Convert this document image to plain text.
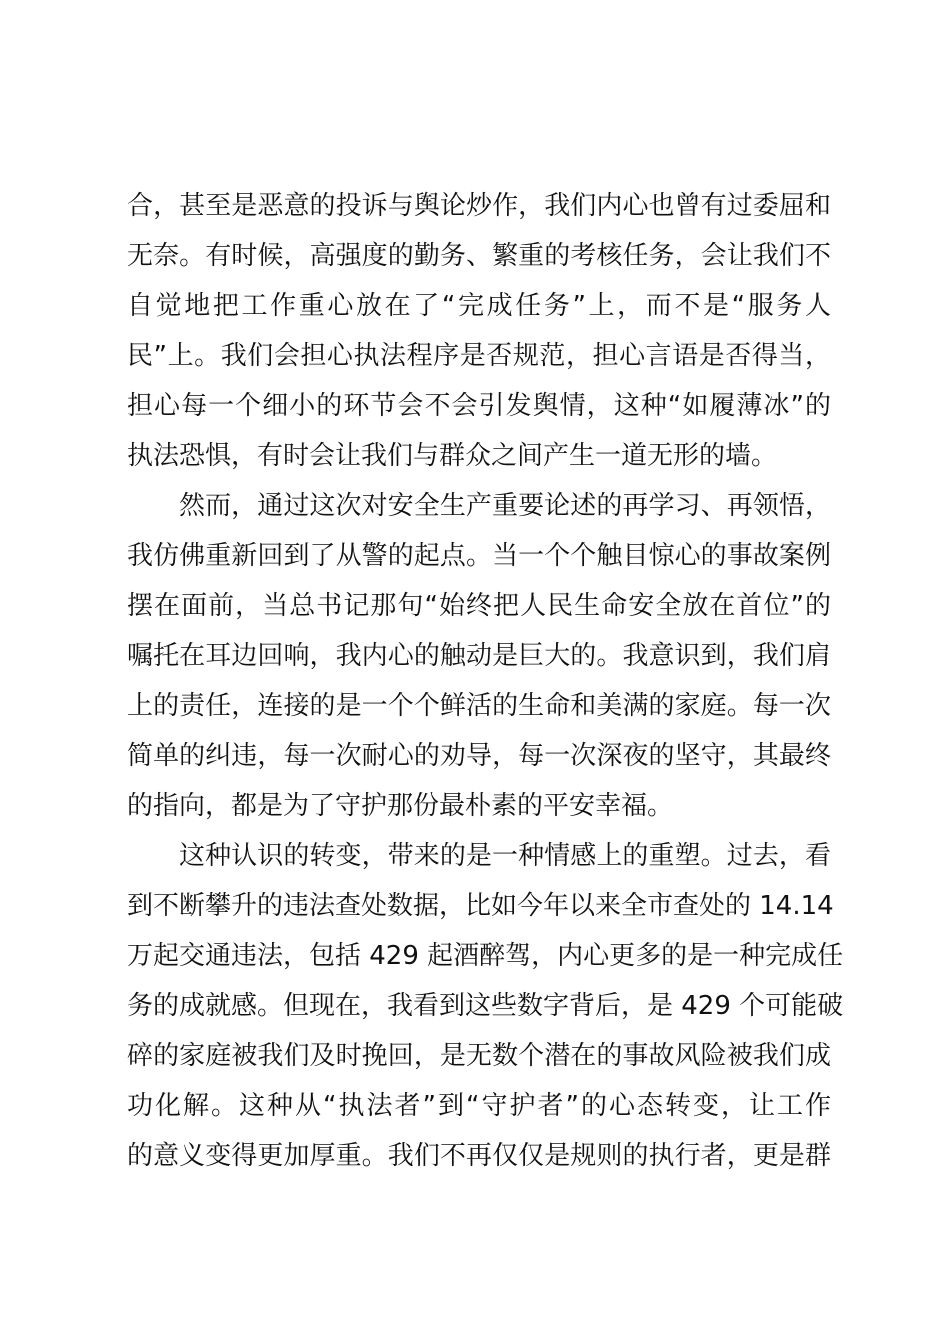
合，甚至是恶意的投诉与舆论炒作，我们内心也曾有过委屈和
无奈。有时候，高强度的勤务、繁重的考核任务，会让我们不
自觉地把工作重心放在了“完成任务”上，而不是“服务人
民”上。我们会担心执法程序是否规范，担心言语是否得当，
担心每一个细小的环节会不会引发舆情，这种“如履薄冰”的
执法恐惧，有时会让我们与群众之间产生一道无形的墙。
然而，通过这次对安全生产重要论述的再学习、再领悟，
我仿佛重新回到了从警的起点。当一个个触目惊心的事故案例
摆在面前，当总书记那句“始终把人民生命安全放在首位”的
嘱托在耳边回响，我内心的触动是巨大的。我意识到，我们肩
上的责任，连接的是一个个鲜活的生命和美满的家庭。每一次
简单的纠违，每一次耐心的劝导，每一次深夜的坚守，其最终
的指向，都是为了守护那份最朴素的平安幸福。
这种认识的转变，带来的是一种情感上的重塑。过去，看
到不断攀升的违法查处数据，比如今年以来全市查处的 14.14
万起交通违法，包括 429 起酒醉驾，内心更多的是一种完成任
务的成就感。但现在，我看到这些数字背后，是 429 个可能破
碎的家庭被我们及时挽回，是无数个潜在的事故风险被我们成
功化解。这种从“执法者”到“守护者”的心态转变，让工作
的意义变得更加厚重。我们不再仅仅是规则的执行者，更是群
